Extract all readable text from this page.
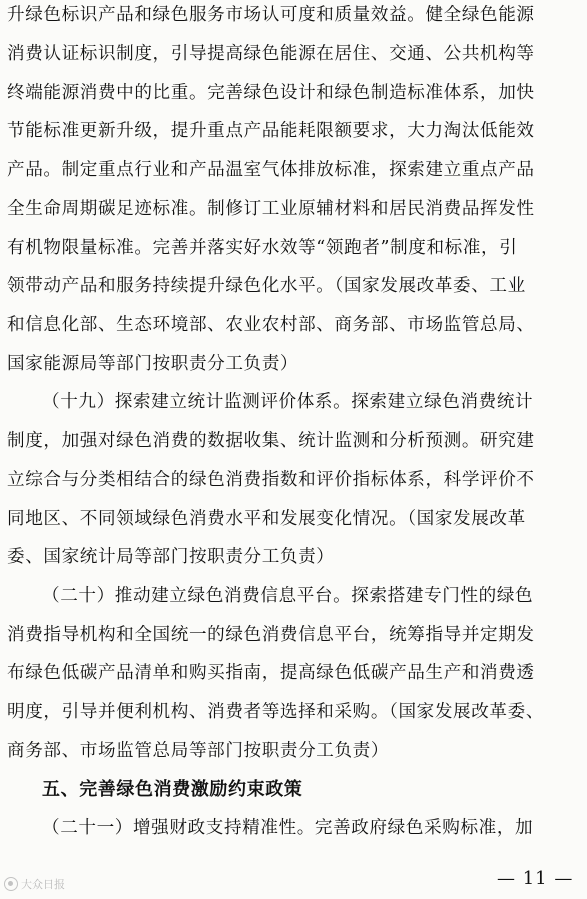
升绿色标识产品和绿色服务市场认可度和质量效益。健全绿色能源
消费认证标识制度，引导提高绿色能源在居住、交通、公共机构等
终端能源消费中的比重。完善绿色设计和绿色制造标准体系，加快
节能标准更新升级，提升重点产品能耗限额要求，大力淘汰低能效
产品。制定重点行业和产品温室气体排放标准，探索建立重点产品
全生命周期碳足迹标准。制修订工业原辅材料和居民消费品挥发性
有机物限量标准。完善并落实好水效等“领跑者”制度和标准，引
领带动产品和服务持续提升绿色化水平。（国家发展改革委、工业
和信息化部、生态环境部、农业农村部、商务部、市场监管总局、
国家能源局等部门按职责分工负责）
（十九）探索建立统计监测评价体系。探索建立绿色消费统计
制度，加强对绿色消费的数据收集、统计监测和分析预测。研究建
立综合与分类相结合的绿色消费指数和评价指标体系，科学评价不
同地区、不同领域绿色消费水平和发展变化情况。（国家发展改革
委、国家统计局等部门按职责分工负责）
（二十）推动建立绿色消费信息平台。探索搭建专门性的绿色
消费指导机构和全国统一的绿色消费信息平台，统筹指导并定期发
布绿色低碳产品清单和购买指南，提高绿色低碳产品生产和消费透
明度，引导并便利机构、消费者等选择和采购。（国家发展改革委、
商务部、市场监管总局等部门按职责分工负责）
五、完善绿色消费激励约束政策
（二十一）增强财政支持精准性。完善政府绿色采购标准，加
大众日报	— 11 —
